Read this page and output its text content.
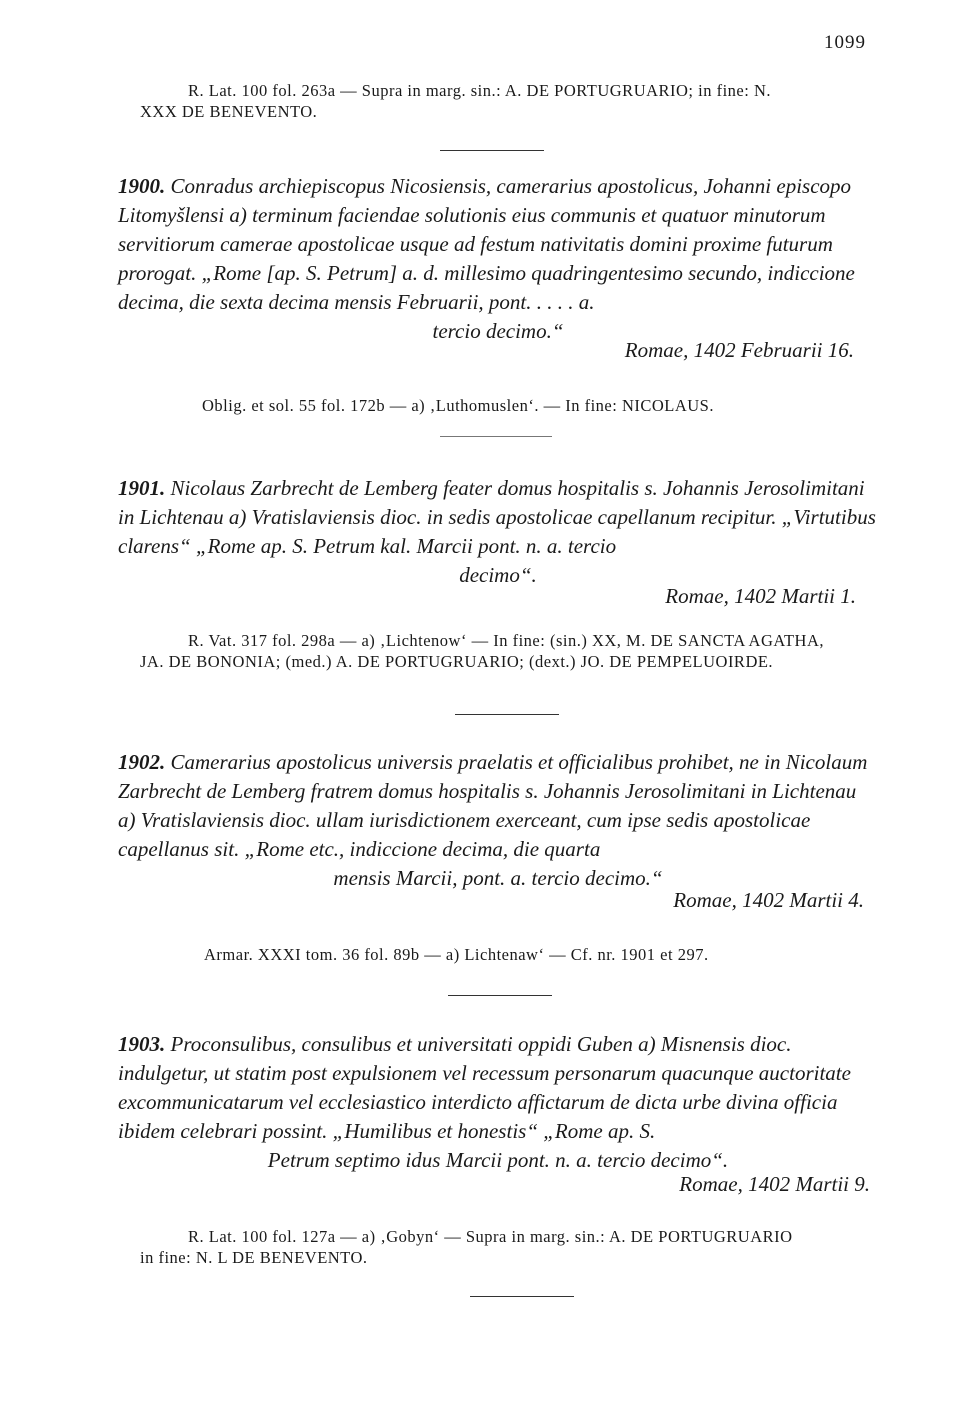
1099
R. Lat. 100 fol. 263a — Supra in marg. sin.: A. DE PORTUGRUARIO; in fine: N.
XXX DE BENEVENTO.
1900. Conradus archiepiscopus Nicosiensis, camerarius apostolicus, Johanni episcopo Litomyšlensi a) terminum faciendae solutionis eius communis et quatuor minutorum servitiorum camerae apostolicae usque ad festum nativitatis domini proxime futurum prorogat. „Rome [ap. S. Petrum] a. d. millesimo quadringentesimo secundo, indiccione decima, die sexta decima mensis Februarii, pont. . . . . a.
tercio decimo.“
Romae, 1402 Februarii 16.
Oblig. et sol. 55 fol. 172b — a) ‚Luthomuslen‘. — In fine: NICOLAUS.
1901. Nicolaus Zarbrecht de Lemberg feater domus hospitalis s. Johannis Jerosolimitani in Lichtenau a) Vratislaviensis dioc. in sedis apostolicae capellanum recipitur. „Virtutibus clarens“ „Rome ap. S. Petrum kal. Marcii pont. n. a. tercio
decimo“.
Romae, 1402 Martii 1.
R. Vat. 317 fol. 298a — a) ‚Lichtenow‘ — In fine: (sin.) XX, M. DE SANCTA AGATHA,
JA. DE BONONIA; (med.) A. DE PORTUGRUARIO; (dext.) JO. DE PEMPELUOIRDE.
1902. Camerarius apostolicus universis praelatis et officialibus prohibet, ne in Nicolaum Zarbrecht de Lemberg fratrem domus hospitalis s. Johannis Jerosolimitani in Lichtenau a) Vratislaviensis dioc. ullam iurisdictionem exerceant, cum ipse sedis apostolicae capellanus sit. „Rome etc., indiccione decima, die quarta
mensis Marcii, pont. a. tercio decimo.“
Romae, 1402 Martii 4.
Armar. XXXI tom. 36 fol. 89b — a) Lichtenaw‘ — Cf. nr. 1901 et 297.
1903. Proconsulibus, consulibus et universitati oppidi Guben a) Misnensis dioc. indulgetur, ut statim post expulsionem vel recessum personarum quacunque auctoritate excommunicatarum vel ecclesiastico interdicto affictarum de dicta urbe divina officia ibidem celebrari possint. „Humilibus et honestis“ „Rome ap. S.
Petrum septimo idus Marcii pont. n. a. tercio decimo“.
Romae, 1402 Martii 9.
R. Lat. 100 fol. 127a — a) ‚Gobyn‘ — Supra in marg. sin.: A. DE PORTUGRUARIO
in fine: N. L DE BENEVENTO.
